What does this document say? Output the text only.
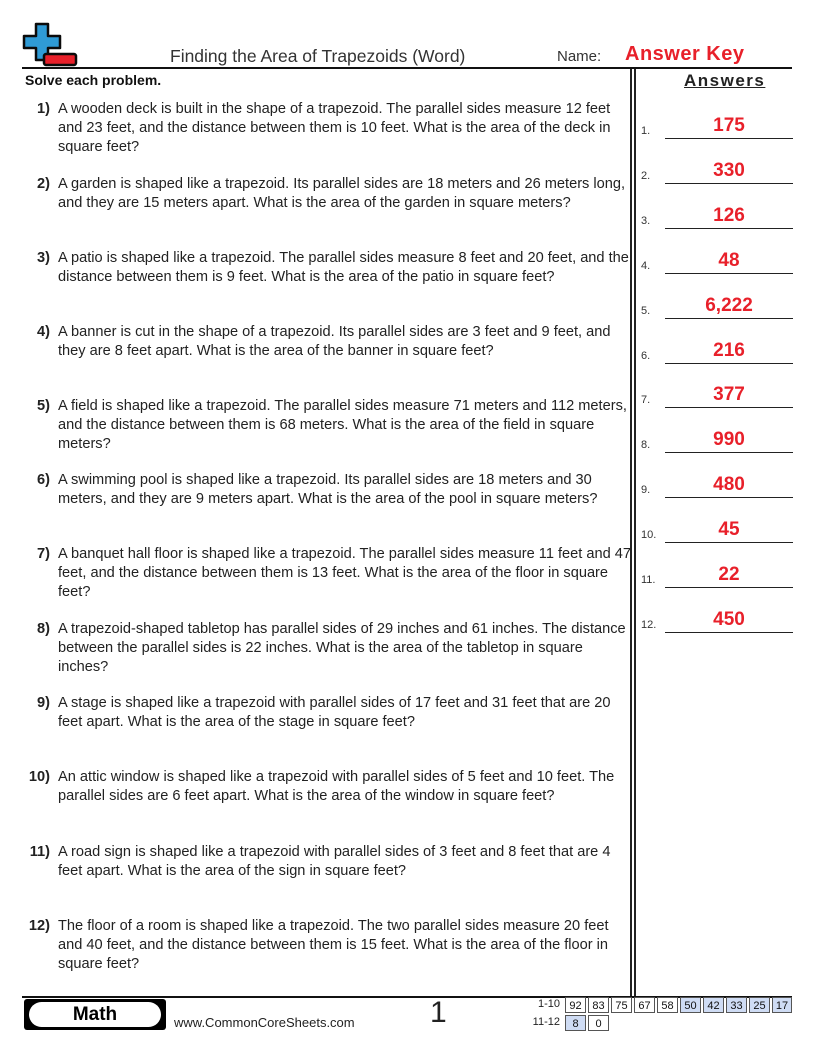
Finding the Area of Trapezoids (Word)	Name: Answer Key
Solve each problem.	Answers
1) A wooden deck is built in the shape of a trapezoid. The parallel sides measure 12 feet and 23 feet, and the distance between them is 10 feet. What is the area of the deck in square feet?
2) A garden is shaped like a trapezoid. Its parallel sides are 18 meters and 26 meters long, and they are 15 meters apart. What is the area of the garden in square meters?
3) A patio is shaped like a trapezoid. The parallel sides measure 8 feet and 20 feet, and the distance between them is 9 feet. What is the area of the patio in square feet?
4) A banner is cut in the shape of a trapezoid. Its parallel sides are 3 feet and 9 feet, and they are 8 feet apart. What is the area of the banner in square feet?
5) A field is shaped like a trapezoid. The parallel sides measure 71 meters and 112 meters, and the distance between them is 68 meters. What is the area of the field in square meters?
6) A swimming pool is shaped like a trapezoid. Its parallel sides are 18 meters and 30 meters, and they are 9 meters apart. What is the area of the pool in square meters?
7) A banquet hall floor is shaped like a trapezoid. The parallel sides measure 11 feet and 47 feet, and the distance between them is 13 feet. What is the area of the floor in square feet?
8) A trapezoid-shaped tabletop has parallel sides of 29 inches and 61 inches. The distance between the parallel sides is 22 inches. What is the area of the tabletop in square inches?
9) A stage is shaped like a trapezoid with parallel sides of 17 feet and 31 feet that are 20 feet apart. What is the area of the stage in square feet?
10) An attic window is shaped like a trapezoid with parallel sides of 5 feet and 10 feet. The parallel sides are 6 feet apart. What is the area of the window in square feet?
11) A road sign is shaped like a trapezoid with parallel sides of 3 feet and 8 feet that are 4 feet apart. What is the area of the sign in square feet?
12) The floor of a room is shaped like a trapezoid. The two parallel sides measure 20 feet and 40 feet, and the distance between them is 15 feet. What is the area of the floor in square feet?
1.	175
2.	330
3.	126
4.	48
5.	6,222
6.	216
7.	377
8.	990
9.	480
10.	45
11.	22
12.	450
Math	www.CommonCoreSheets.com	1	1-10 92 83 75 67 58 50 42 33 25 17
11-12	8	0
